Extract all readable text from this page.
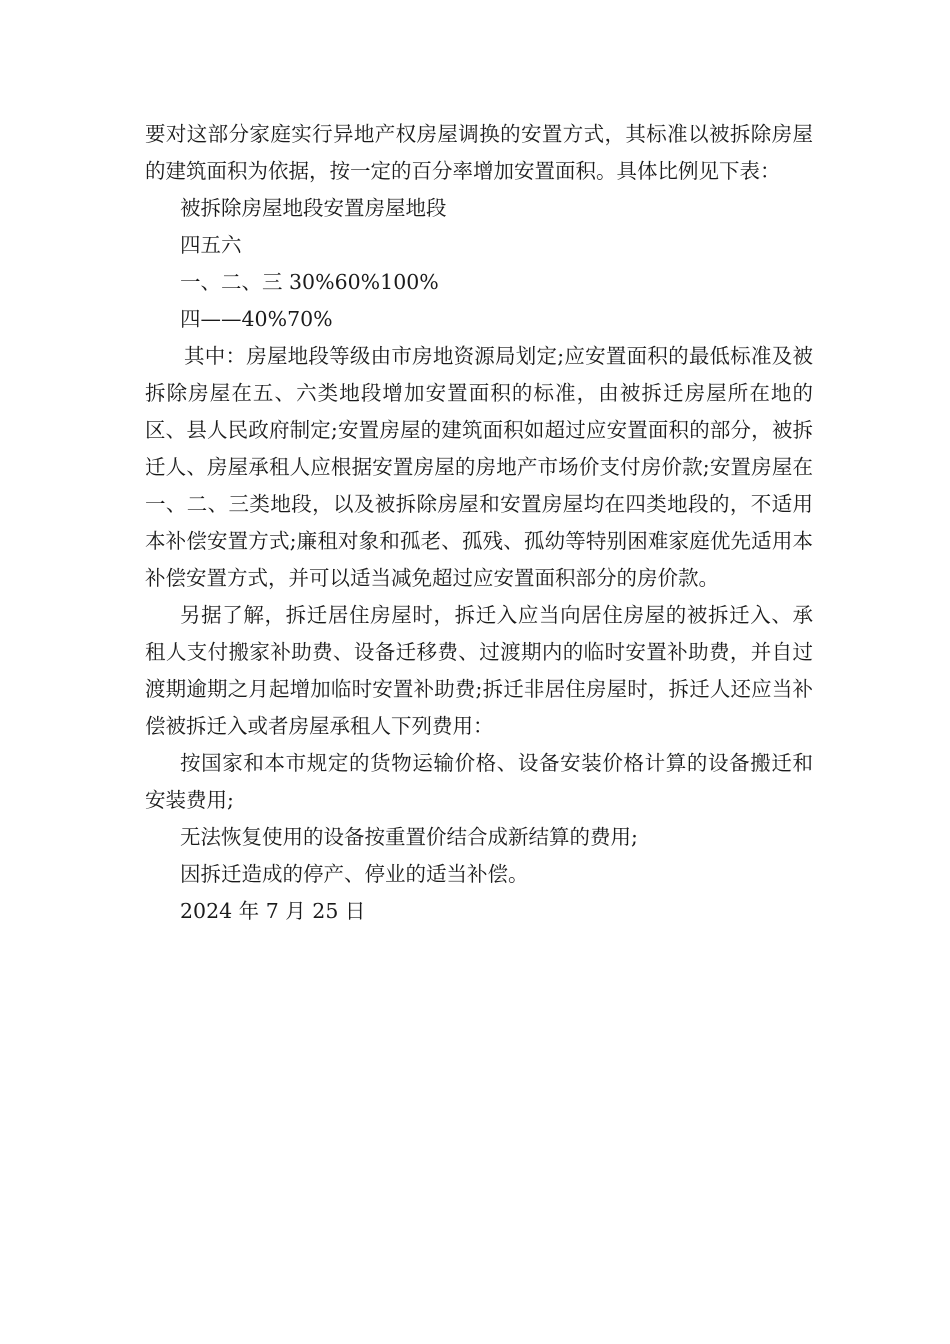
要对这部分家庭实行异地产权房屋调换的安置方式，其标准以被拆除房屋的建筑面积为依据，按一定的百分率增加安置面积。具体比例见下表：

被拆除房屋地段安置房屋地段

四五六

一、二、三 30%60%100%

四——40%70%

其中：房屋地段等级由市房地资源局划定;应安置面积的最低标准及被拆除房屋在五、六类地段增加安置面积的标准，由被拆迁房屋所在地的区、县人民政府制定;安置房屋的建筑面积如超过应安置面积的部分，被拆迁人、房屋承租人应根据安置房屋的房地产市场价支付房价款;安置房屋在一、二、三类地段，以及被拆除房屋和安置房屋均在四类地段的，不适用本补偿安置方式;廉租对象和孤老、孤残、孤幼等特别困难家庭优先适用本补偿安置方式，并可以适当减免超过应安置面积部分的房价款。

另据了解，拆迁居住房屋时，拆迁入应当向居住房屋的被拆迁入、承租人支付搬家补助费、设备迁移费、过渡期内的临时安置补助费，并自过渡期逾期之月起增加临时安置补助费;拆迁非居住房屋时，拆迁人还应当补偿被拆迁入或者房屋承租人下列费用：

按国家和本市规定的货物运输价格、设备安装价格计算的设备搬迁和安装费用;

无法恢复使用的设备按重置价结合成新结算的费用;

因拆迁造成的停产、停业的适当补偿。

2024 年 7 月 25 日
